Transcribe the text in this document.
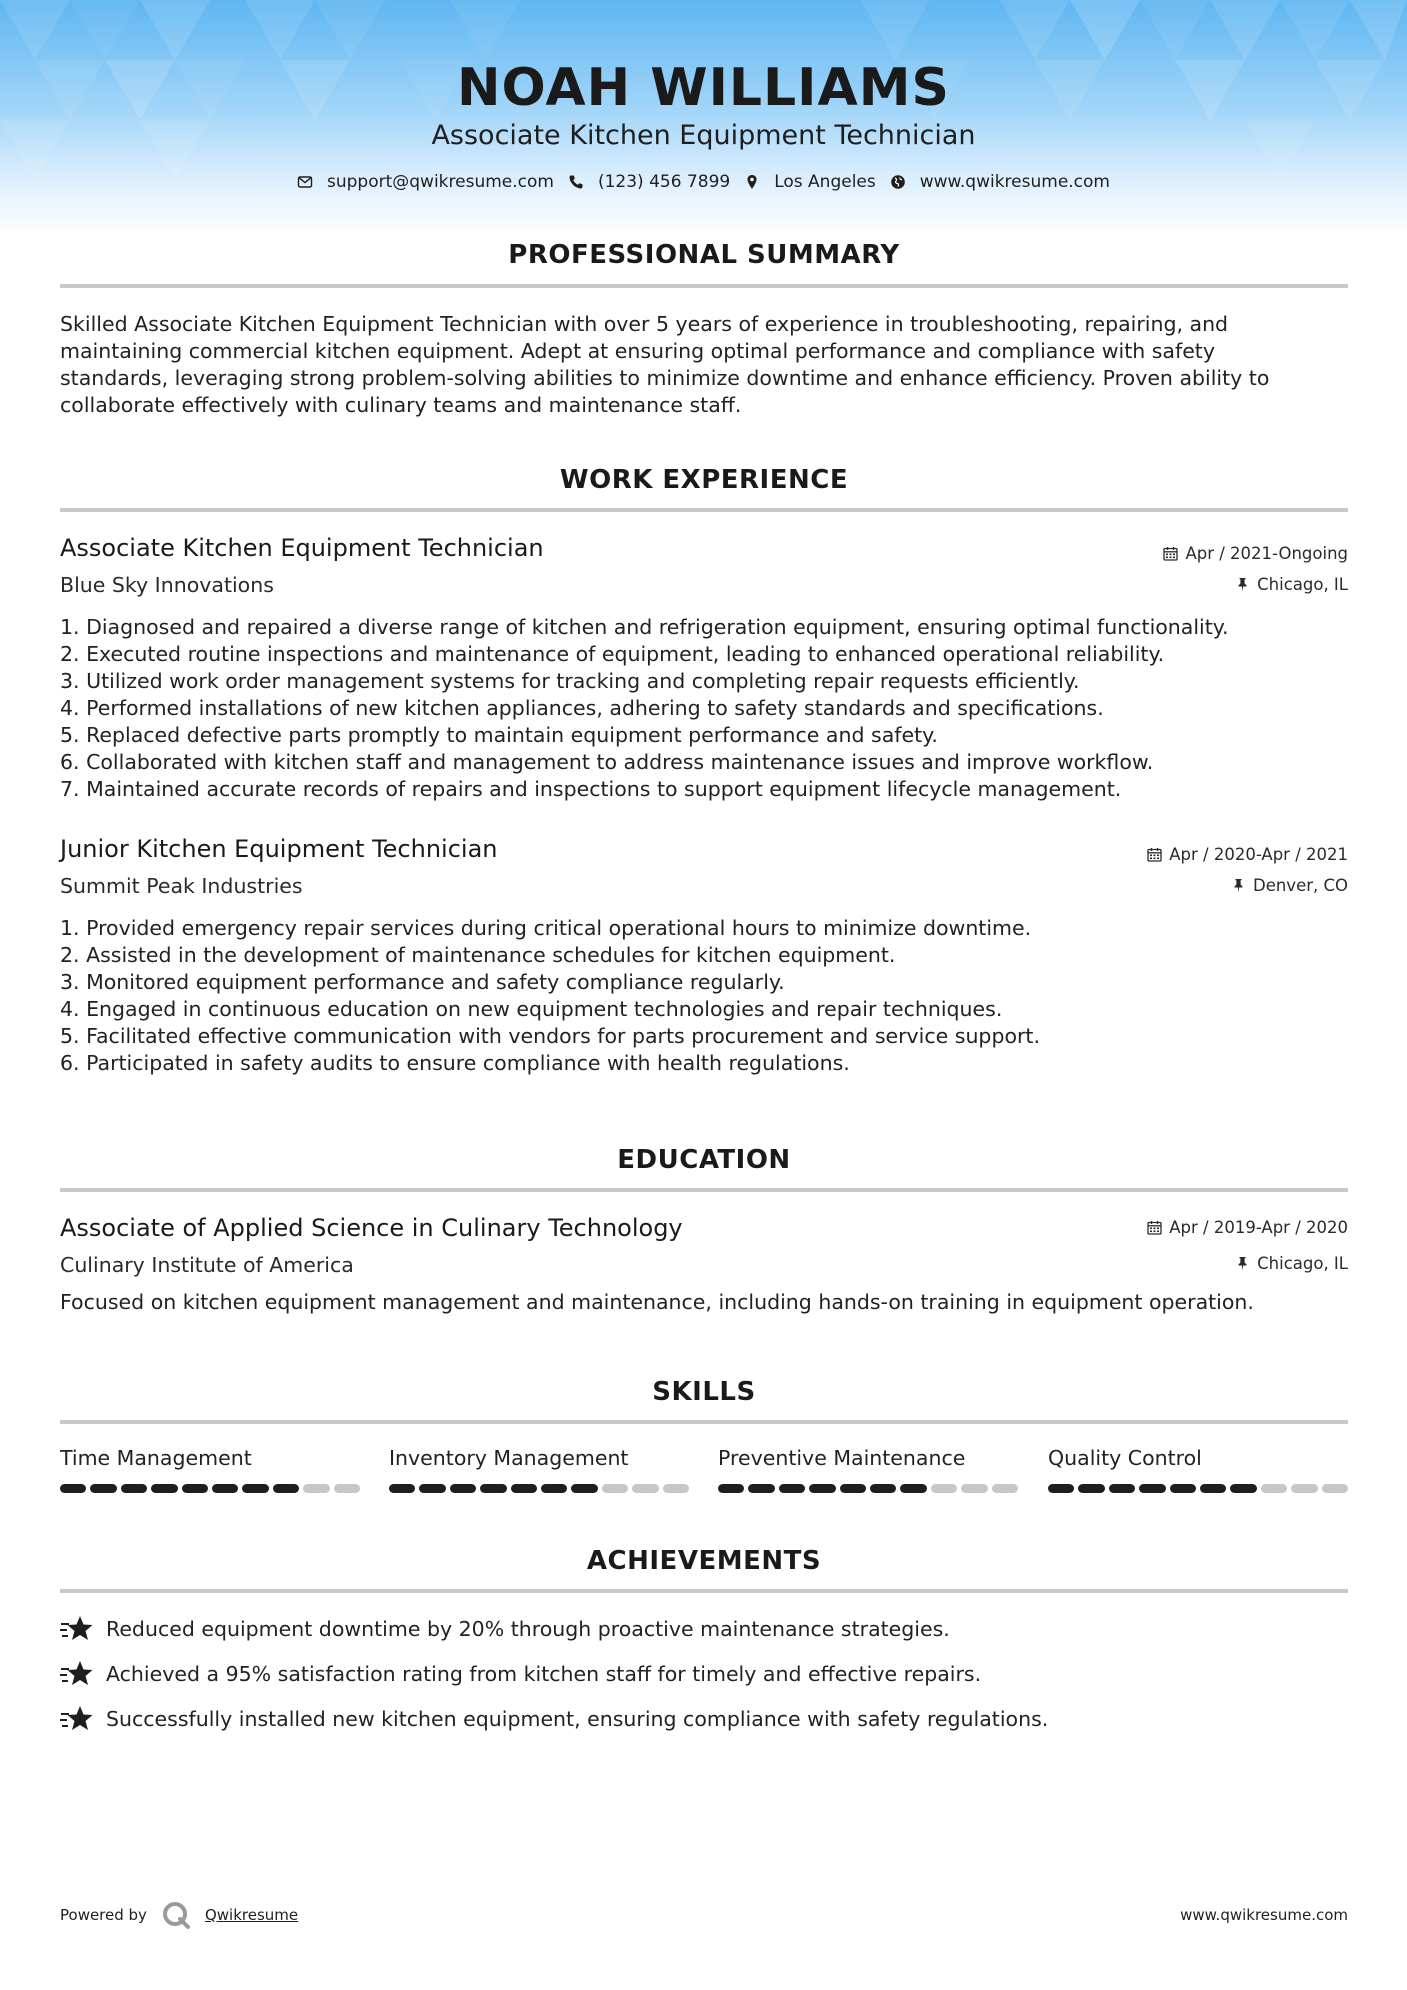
NOAH WILLIAMS
Associate Kitchen Equipment Technician
support@qwikresume.com	(123) 456 7899	Los Angeles	www.qwikresume.com
PROFESSIONAL SUMMARY
Skilled Associate Kitchen Equipment Technician with over 5 years of experience in troubleshooting, repairing, and
maintaining commercial kitchen equipment. Adept at ensuring optimal performance and compliance with safety
standards, leveraging strong problem-solving abilities to minimize downtime and enhance efficiency. Proven ability to
collaborate effectively with culinary teams and maintenance staff.
WORK EXPERIENCE
Associate Kitchen Equipment Technician	Apr / 2021-Ongoing
Blue Sky Innovations	Chicago, IL
1. Diagnosed and repaired a diverse range of kitchen and refrigeration equipment, ensuring optimal functionality.
2. Executed routine inspections and maintenance of equipment, leading to enhanced operational reliability.
3. Utilized work order management systems for tracking and completing repair requests efficiently.
4. Performed installations of new kitchen appliances, adhering to safety standards and specifications.
5. Replaced defective parts promptly to maintain equipment performance and safety.
6. Collaborated with kitchen staff and management to address maintenance issues and improve workflow.
7. Maintained accurate records of repairs and inspections to support equipment lifecycle management.
Junior Kitchen Equipment Technician	Apr / 2020-Apr / 2021
Summit Peak Industries	Denver, CO
1. Provided emergency repair services during critical operational hours to minimize downtime.
2. Assisted in the development of maintenance schedules for kitchen equipment.
3. Monitored equipment performance and safety compliance regularly.
4. Engaged in continuous education on new equipment technologies and repair techniques.
5. Facilitated effective communication with vendors for parts procurement and service support.
6. Participated in safety audits to ensure compliance with health regulations.
EDUCATION
Associate of Applied Science in Culinary Technology	Apr / 2019-Apr / 2020
Culinary Institute of America	Chicago, IL
Focused on kitchen equipment management and maintenance, including hands-on training in equipment operation.
SKILLS
Time Management	Inventory Management	Preventive Maintenance	Quality Control
ACHIEVEMENTS
Reduced equipment downtime by 20% through proactive maintenance strategies.
Achieved a 95% satisfaction rating from kitchen staff for timely and effective repairs.
Successfully installed new kitchen equipment, ensuring compliance with safety regulations.
Powered by	Qwikresume	www.qwikresume.com
